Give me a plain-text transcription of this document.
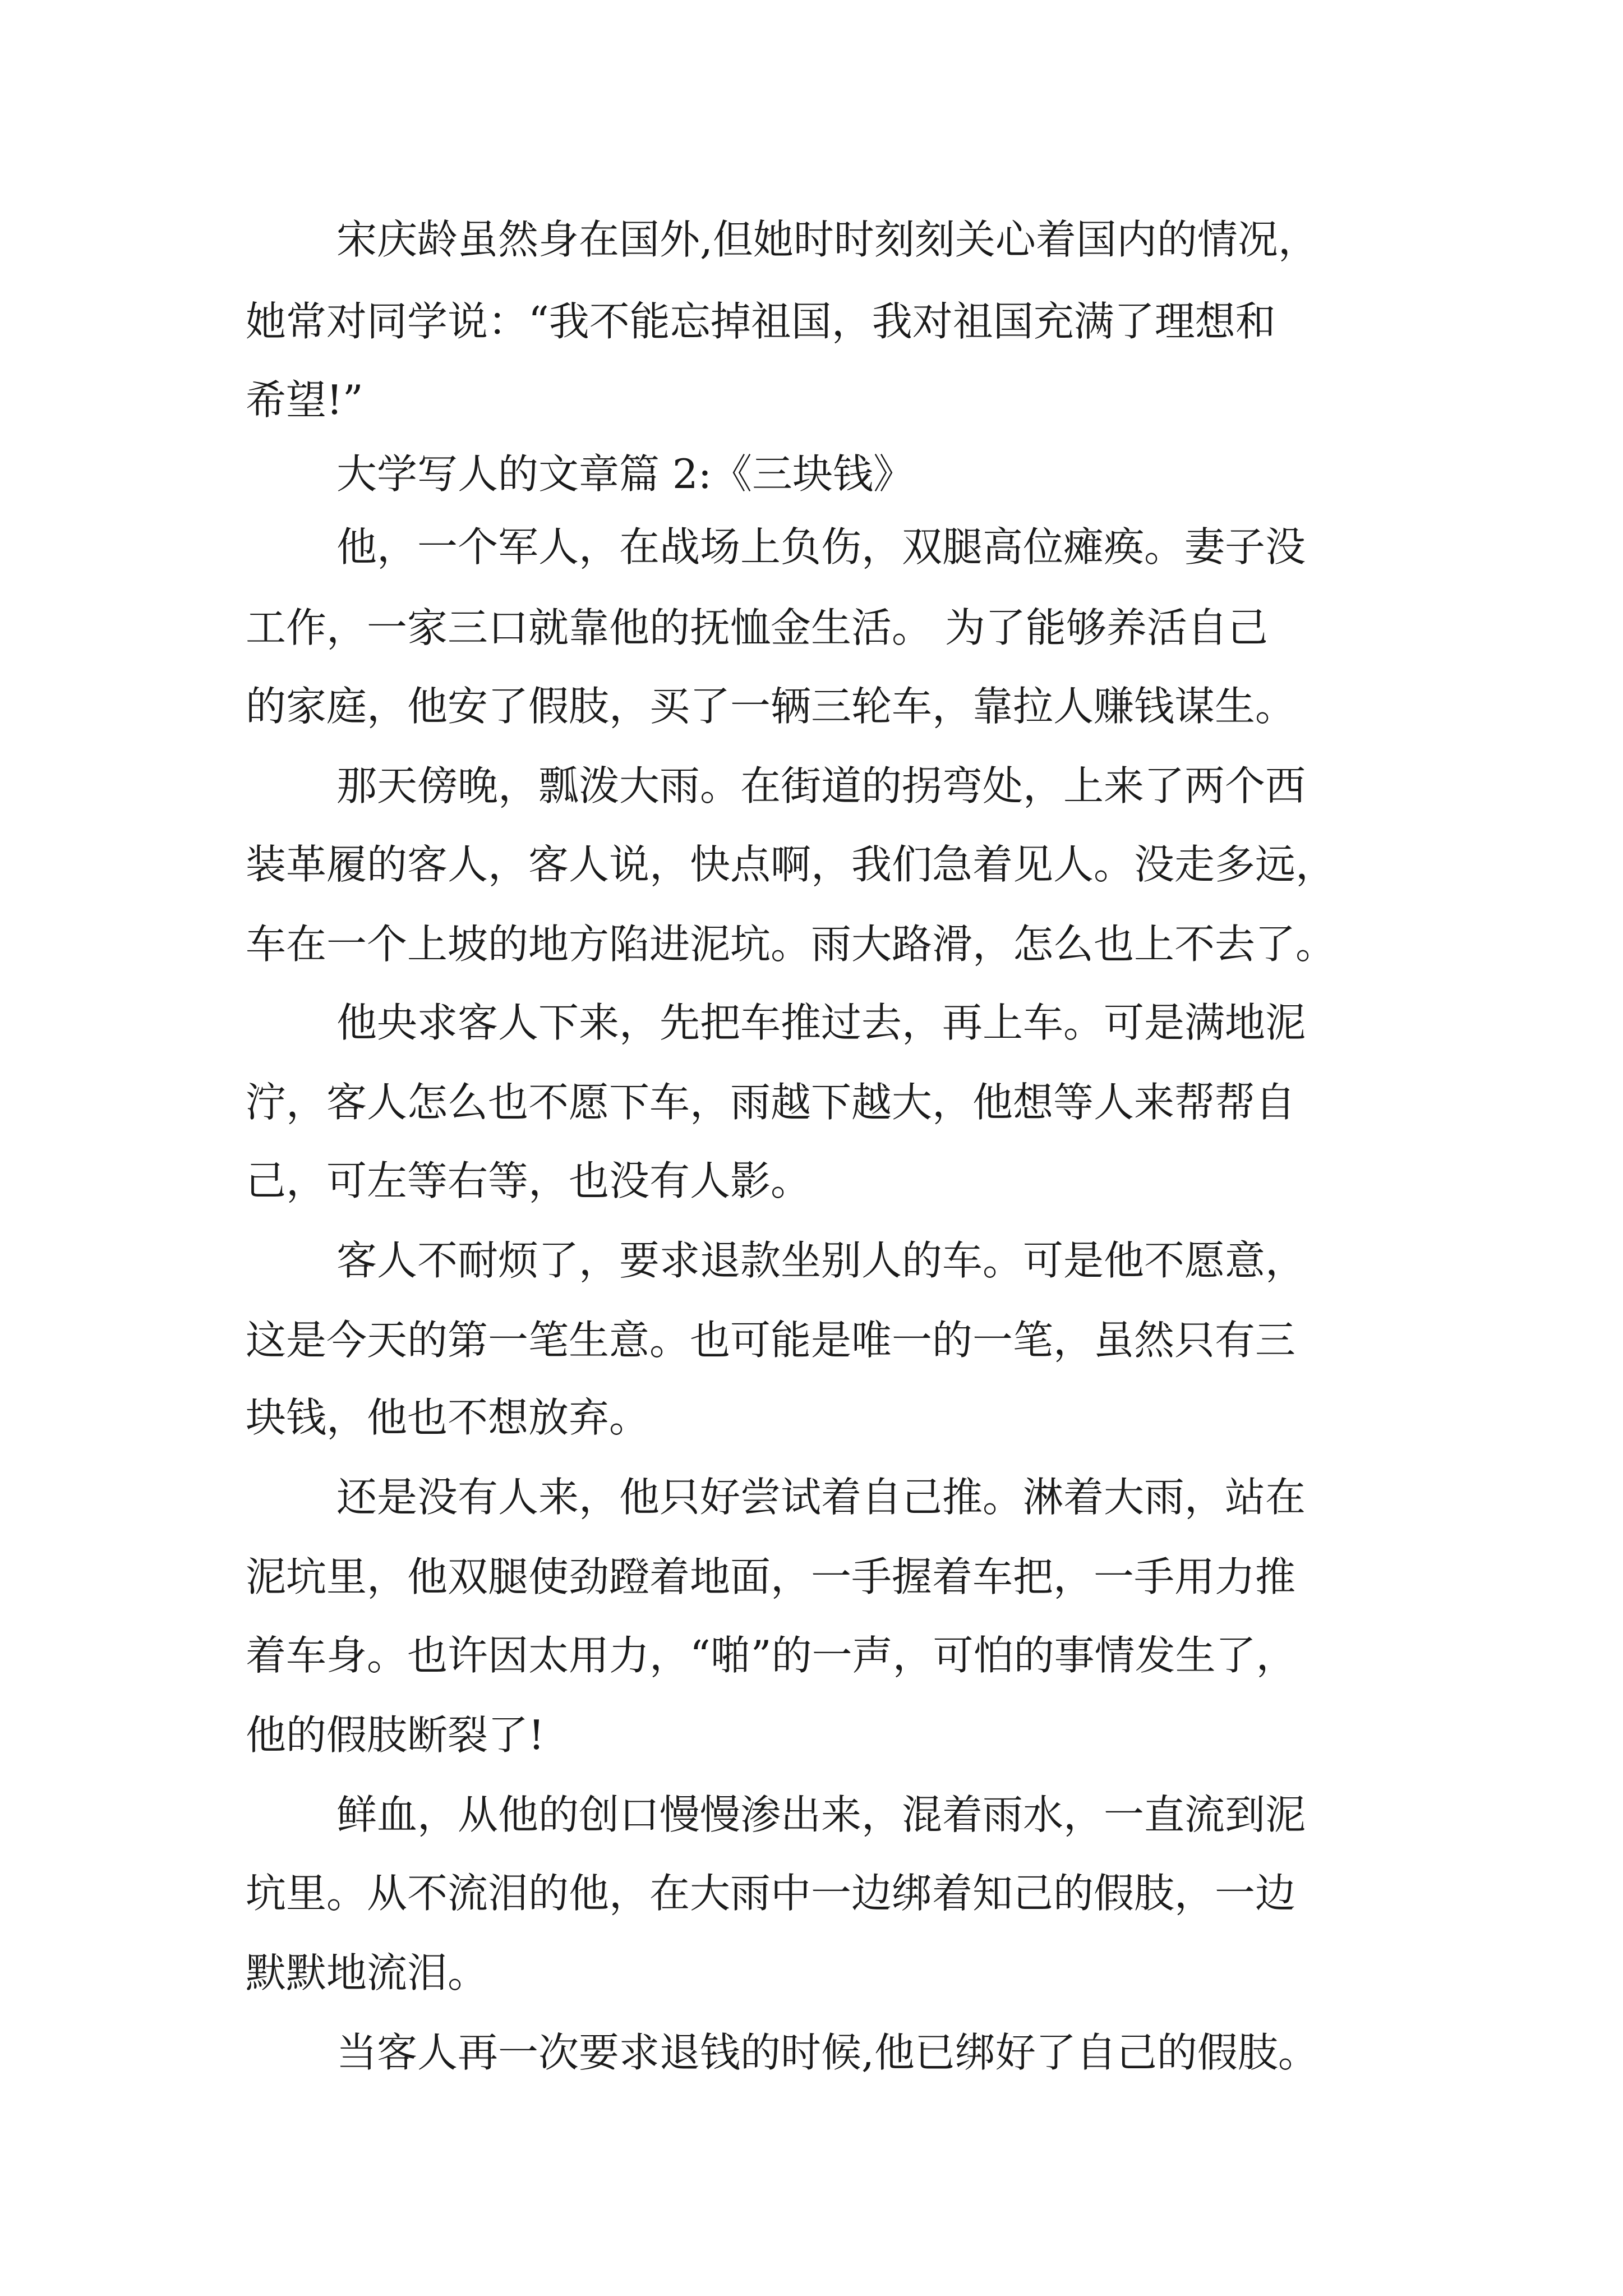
宋庆龄虽然身在国外,但她时时刻刻关心着国内的情况，
她常对同学说：“我不能忘掉祖国，我对祖国充满了理想和
希望!”
大学写人的文章篇 2:《三块钱》
他，一个军人，在战场上负伤，双腿高位瘫痪。妻子没
工作，一家三口就靠他的抚恤金生活。 为了能够养活自己
的家庭，他安了假肢，买了一辆三轮车，靠拉人赚钱谋生。
那天傍晚，瓢泼大雨。在街道的拐弯处，上来了两个西
装革履的客人，客人说，快点啊，我们急着见人。没走多远，
车在一个上坡的地方陷进泥坑。雨大路滑，怎么也上不去了。
他央求客人下来，先把车推过去，再上车。可是满地泥
泞，客人怎么也不愿下车，雨越下越大，他想等人来帮帮自
己，可左等右等，也没有人影。
客人不耐烦了，要求退款坐别人的车。可是他不愿意，
这是今天的第一笔生意。也可能是唯一的一笔，虽然只有三
块钱，他也不想放弃。
还是没有人来，他只好尝试着自己推。淋着大雨，站在
泥坑里，他双腿使劲蹬着地面，一手握着车把，一手用力推
着车身。也许因太用力，“啪”的一声，可怕的事情发生了，
他的假肢断裂了!
鲜血，从他的创口慢慢渗出来，混着雨水，一直流到泥
坑里。从不流泪的他，在大雨中一边绑着知己的假肢，一边
默默地流泪。
当客人再一次要求退钱的时候,他已绑好了自己的假肢。
